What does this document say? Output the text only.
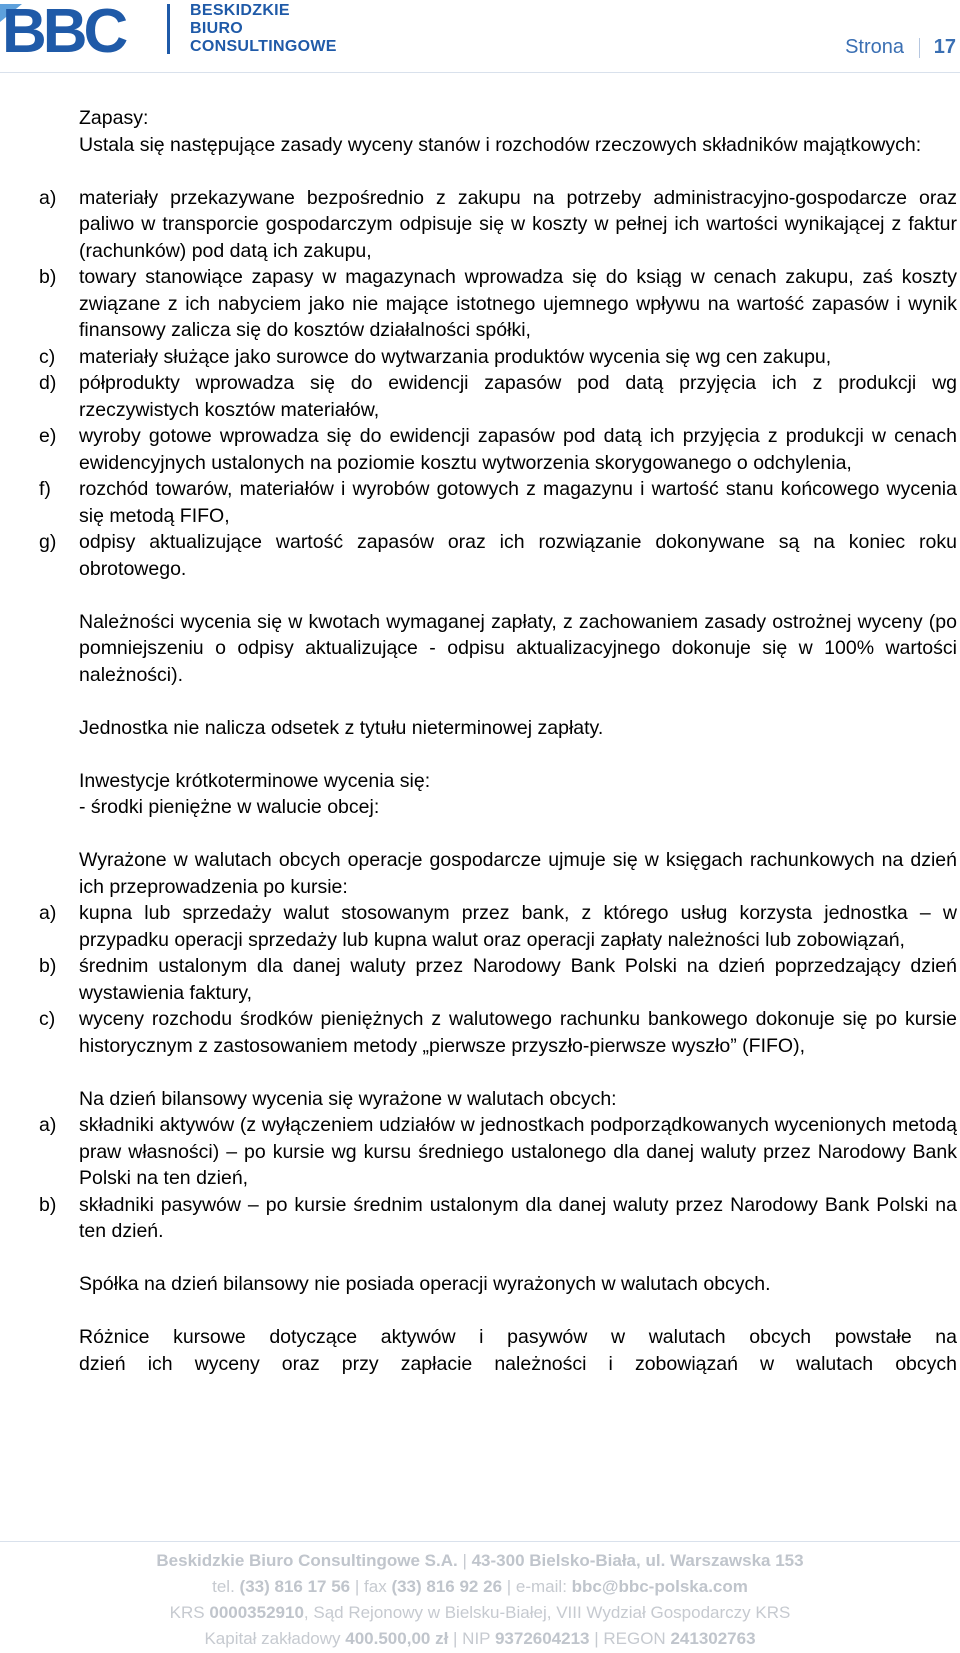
BBC	BESKIDZKIE
BIURO
CONSULTINGOWE	Strona 17
Zapasy:
Ustala się następujące zasady wyceny stanów i rozchodów rzeczowych składników majątkowych:
a) materiały przekazywane bezpośrednio z zakupu na potrzeby administracyjno-gospodarcze oraz paliwo w transporcie gospodarczym odpisuje się w koszty w pełnej ich wartości wynikającej z faktur (rachunków) pod datą ich zakupu,
b) towary stanowiące zapasy w magazynach wprowadza się do ksiąg w cenach zakupu, zaś koszty związane z ich nabyciem jako nie mające istotnego ujemnego wpływu na wartość zapasów i wynik finansowy zalicza się do kosztów działalności spółki,
c) materiały służące jako surowce do wytwarzania produktów wycenia się wg cen zakupu,
d) półprodukty wprowadza się do ewidencji zapasów pod datą przyjęcia ich z produkcji wg rzeczywistych kosztów materiałów,
e) wyroby gotowe wprowadza się do ewidencji zapasów pod datą ich przyjęcia z produkcji w cenach ewidencyjnych ustalonych na poziomie kosztu wytworzenia skorygowanego o odchylenia,
f) rozchód towarów, materiałów i wyrobów gotowych z magazynu i wartość stanu końcowego wycenia się metodą FIFO,
g) odpisy aktualizujące wartość zapasów oraz ich rozwiązanie dokonywane są na koniec roku obrotowego.

Należności wycenia się w kwotach wymaganej zapłaty, z zachowaniem zasady ostrożnej wyceny (po pomniejszeniu o odpisy aktualizujące - odpisu aktualizacyjnego dokonuje się w 100% wartości należności).

Jednostka nie nalicza odsetek z tytułu nieterminowej zapłaty.

Inwestycje krótkoterminowe wycenia się:
- środki pieniężne w walucie obcej:

Wyrażone w walutach obcych operacje gospodarcze ujmuje się w księgach rachunkowych na dzień ich przeprowadzenia po kursie:

a) kupna lub sprzedaży walut stosowanym przez bank, z którego usług korzysta jednostka – w przypadku operacji sprzedaży lub kupna walut oraz operacji zapłaty należności lub zobowiązań,
b) średnim ustalonym dla danej waluty przez Narodowy Bank Polski na dzień poprzedzający dzień wystawienia faktury,
c) wyceny rozchodu środków pieniężnych z walutowego rachunku bankowego dokonuje się po kursie historycznym z zastosowaniem metody „pierwsze przyszło-pierwsze wyszło” (FIFO),

Na dzień bilansowy wycenia się wyrażone w walutach obcych:

a) składniki aktywów (z wyłączeniem udziałów w jednostkach podporządkowanych wycenionych metodą praw własności) – po kursie wg kursu średniego ustalonego dla danej waluty przez Narodowy Bank Polski na ten dzień,
b) składniki pasywów – po kursie średnim ustalonym dla danej waluty przez Narodowy Bank Polski na ten dzień.

Spółka na dzień bilansowy nie posiada operacji wyrażonych w walutach obcych.

Różnice kursowe dotyczące aktywów i pasywów w walutach obcych powstałe na
dzień ich wyceny oraz przy zapłacie należności i zobowiązań w walutach obcych
Beskidzkie Biuro Consultingowe S.A. | 43-300 Bielsko-Biała, ul. Warszawska 153
tel. (33) 816 17 56 | fax (33) 816 92 26 | e-mail: bbc@bbc-polska.com
KRS 0000352910, Sąd Rejonowy w Bielsku-Białej, VIII Wydział Gospodarczy KRS
Kapitał zakładowy 400.500,00 zł | NIP 9372604213 | REGON 241302763
